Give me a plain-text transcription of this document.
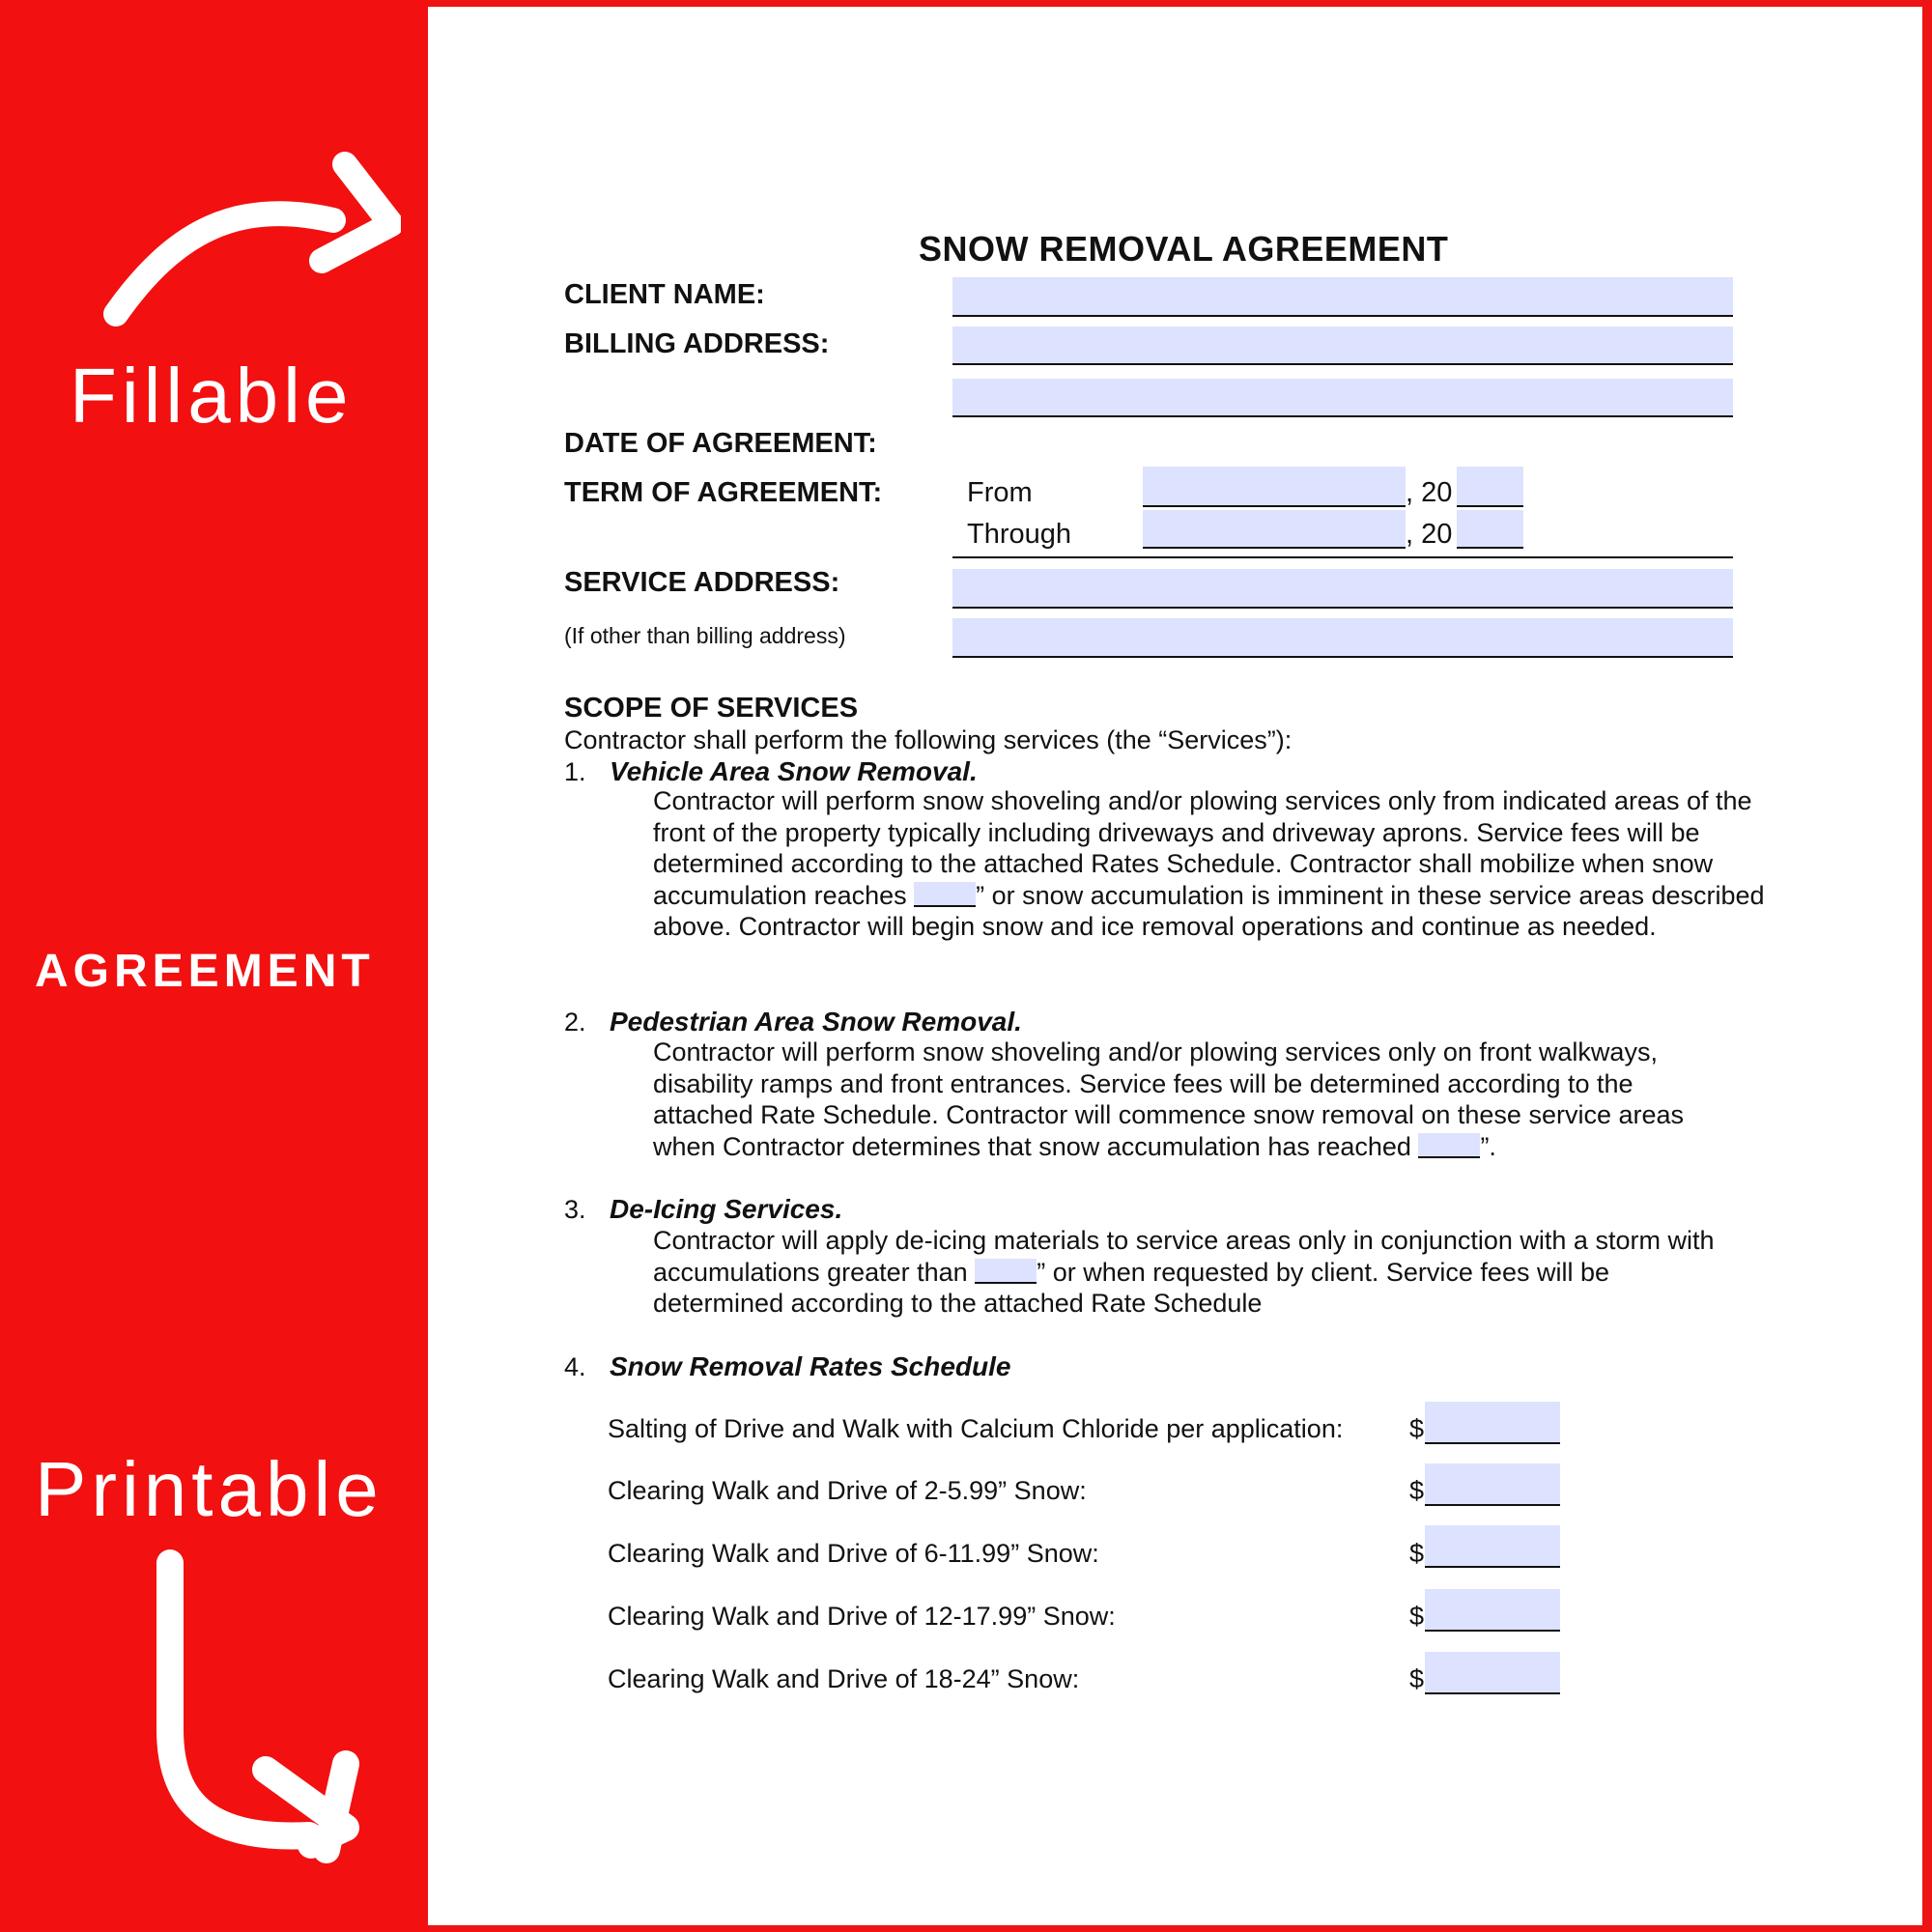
Fillable
AGREEMENT
Printable
SNOW REMOVAL AGREEMENT
CLIENT NAME:
BILLING ADDRESS:
DATE OF AGREEMENT:
TERM OF AGREEMENT:	From	, 20
Through	, 20
SERVICE ADDRESS:
(If other than billing address)
SCOPE OF SERVICES
Contractor shall perform the following services (the “Services”):
1. Vehicle Area Snow Removal.
Contractor will perform snow shoveling and/or plowing services only from indicated areas of the front of the property typically including driveways and driveway aprons. Service fees will be determined according to the attached Rates Schedule. Contractor shall mobilize when snow accumulation reaches ” or snow accumulation is imminent in these service areas described above. Contractor will begin snow and ice removal operations and continue as needed.
2. Pedestrian Area Snow Removal.
Contractor will perform snow shoveling and/or plowing services only on front walkways, disability ramps and front entrances. Service fees will be determined according to the attached Rate Schedule. Contractor will commence snow removal on these service areas when Contractor determines that snow accumulation has reached ”.
3. De-Icing Services.
Contractor will apply de-icing materials to service areas only in conjunction with a storm with accumulations greater than ” or when requested by client. Service fees will be determined according to the attached Rate Schedule
4. Snow Removal Rates Schedule
Salting of Drive and Walk with Calcium Chloride per application:	$
Clearing Walk and Drive of 2-5.99” Snow:	$
Clearing Walk and Drive of 6-11.99” Snow:	$
Clearing Walk and Drive of 12-17.99” Snow:	$
Clearing Walk and Drive of 18-24” Snow:	$
